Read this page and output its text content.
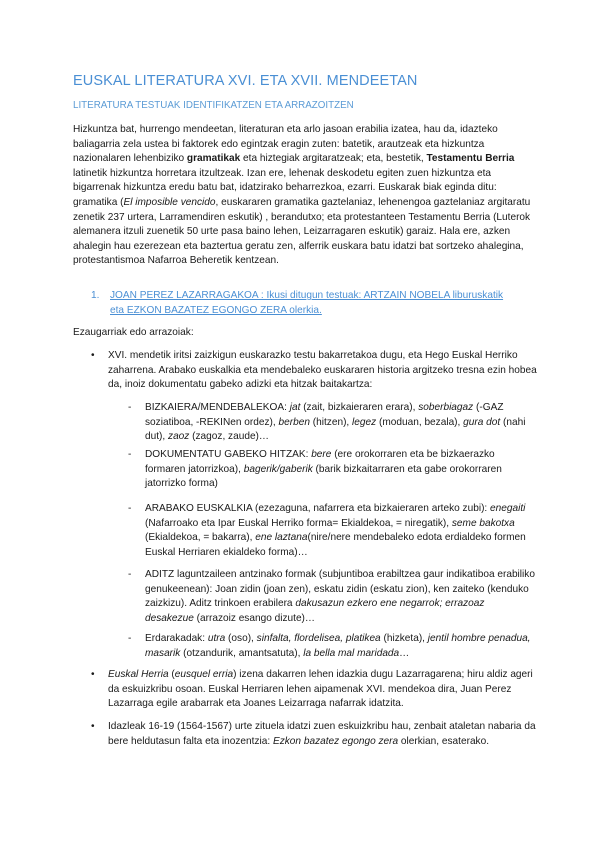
EUSKAL LITERATURA XVI. ETA XVII. MENDEETAN
LITERATURA TESTUAK IDENTIFIKATZEN ETA ARRAZOITZEN

Hizkuntza bat, hurrengo mendeetan, literaturan eta arlo jasoan erabilia izatea, hau da, idazteko baliagarria zela ustea bi faktorek edo egintzak eragin zuten: batetik, arautzeak eta hizkuntza nazionalaren lehenbiziko gramatikak eta hiztegiak argitaratzeak; eta, bestetik, Testamentu Berria latinetik hizkuntza horretara itzultzeak. Izan ere, lehenak deskodetu egiten zuen hizkuntza eta bigarrenak hizkuntza eredu batu bat, idatzirako beharrezkoa, ezarri. Euskarak biak eginda ditu: gramatika (El imposible vencido, euskararen gramatika gaztelaniaz, lehenengoa gaztelaniaz argitaratu zenetik 237 urtera, Larramendiren eskutik) , berandutxo; eta protestanteen Testamentu Berria (Luterok alemanera itzuli zuenetik 50 urte pasa baino lehen, Leizarragaren eskutik) garaiz. Hala ere, azken ahalegin hau ezerezean eta baztertua geratu zen, alferrik euskara batu idatzi bat sortzeko ahalegina, protestantismoa Nafarroa Beheretik kentzean.

1. JOAN PEREZ LAZARRAGAKOA : Ikusi ditugun testuak: ARTZAIN NOBELA liburuskatik eta EZKON BAZATEZ EGONGO ZERA olerkia.
Ezaugarriak edo arrazoiak:
• XVI. mendetik iritsi zaizkigun euskarazko testu bakarretakoa dugu, eta Hego Euskal Herriko zaharrena. Arabako euskalkia eta mendebaleko euskararen historia argitzeko tresna ezin hobea da, inoiz dokumentatu gabeko adizki eta hitzak baitakartza:
- BIZKAIERA/MENDEBALEKOA: jat (zait, bizkaieraren erara), soberbiagaz (-GAZ soziatiboa, -REKINen ordez), berben (hitzen), legez (moduan, bezala), gura dot (nahi dut), zaoz (zagoz, zaude)…
- DOKUMENTATU GABEKO HITZAK: bere (ere orokorraren eta be bizkaerazko formaren jatorrizkoa), bagerik/gaberik (barik bizkaitarraren eta gabe orokorraren jatorrizko forma)
- ARABAKO EUSKALKIA (ezezaguna, nafarrera eta bizkaieraren arteko zubi): enegaiti (Nafarroako eta Ipar Euskal Herriko forma= Ekialdekoa, = niregatik), seme bakotxa (Ekialdekoa, = bakarra), ene laztana(nire/nere mendebaleko edota erdialdeko formen Euskal Herriaren ekialdeko forma)…
- ADITZ laguntzaileen antzinako formak (subjuntiboa erabiltzea gaur indikatiboa erabiliko genukeenean): Joan zidin (joan zen), eskatu zidin (eskatu zion), ken zaiteko (kenduko zaizkizu). Aditz trinkoen erabilera dakusazun ezkero ene negarrok; errazoaz desakezue (arrazoiz esango dizute)…
- Erdarakadak: utra (oso), sinfalta, flordelisea, platikea (hizketa), jentil hombre penadua, masarik (otzandurik, amantsatuta), la bella mal maridada…
• Euskal Herria (eusquel erria) izena dakarren lehen idazkia dugu Lazarragarena; hiru aldiz ageri da eskuizkribu osoan. Euskal Herriaren lehen aipamenak XVI. mendekoa dira, Juan Perez Lazarraga egile arabarrak eta Joanes Leizarraga nafarrak idatzita.
• Idazleak 16-19 (1564-1567) urte zituela idatzi zuen eskuizkribu hau, zenbait ataletan nabaria da bere heldutasun falta eta inozentzia: Ezkon bazatez egongo zera olerkian, esaterako.
